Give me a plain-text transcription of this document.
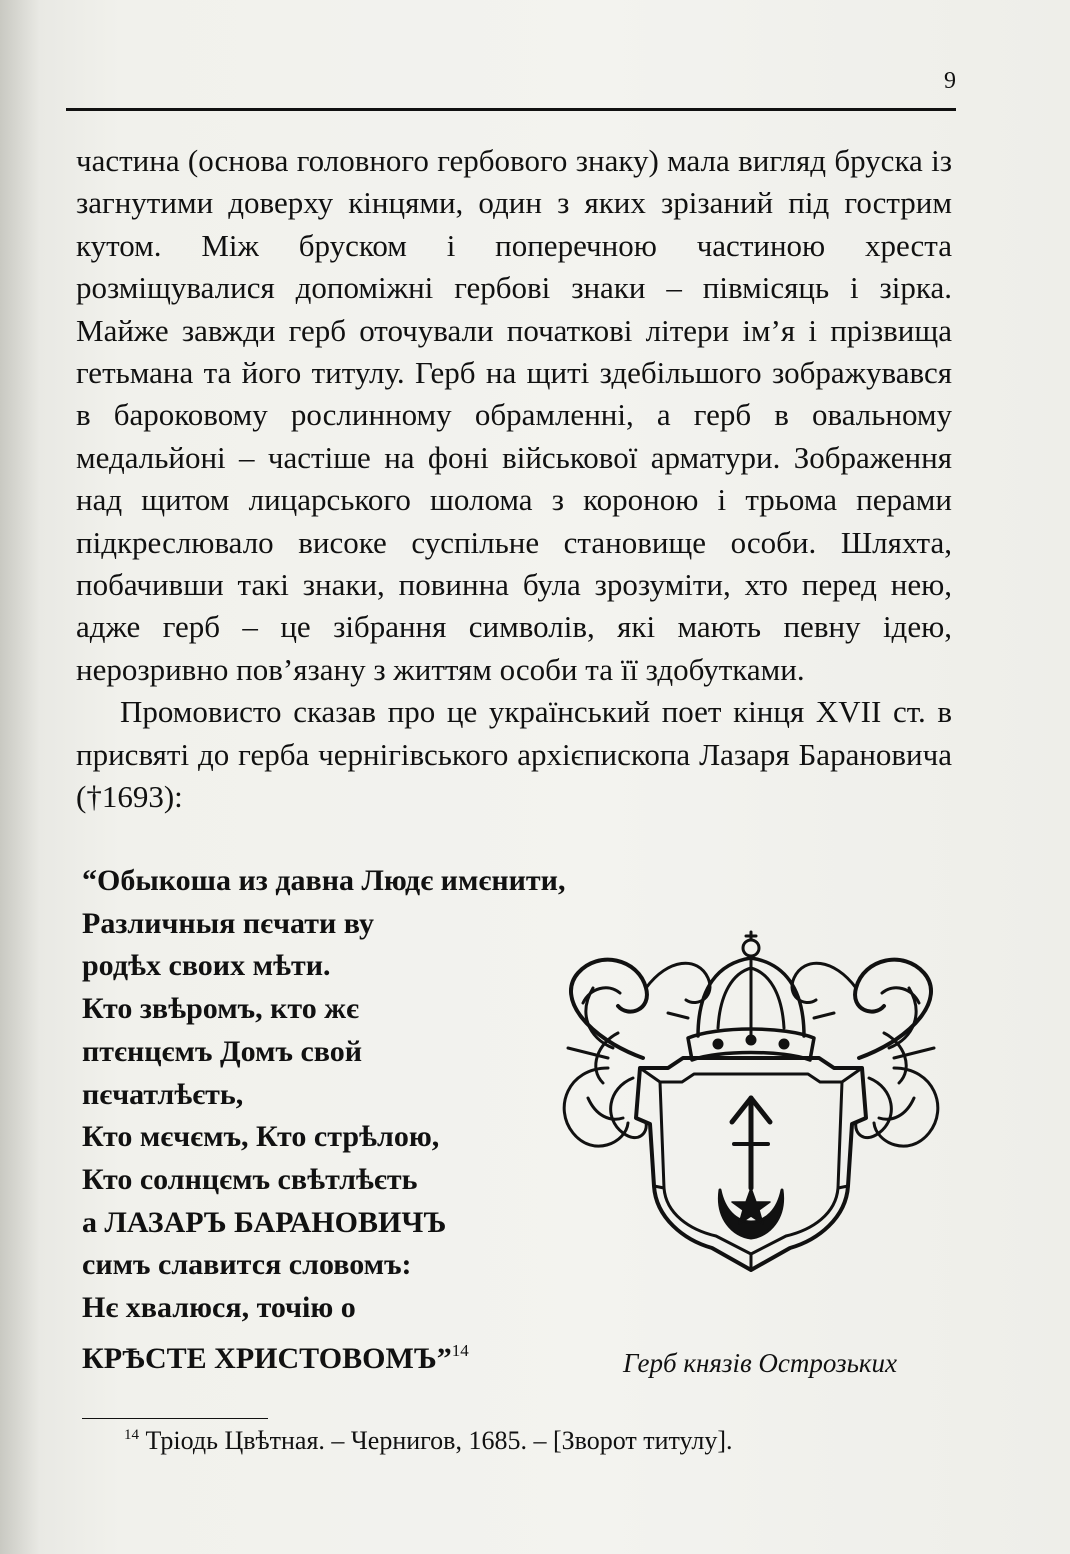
9

частина (основа головного гербового знаку) мала вигляд бруска із загнутими доверху кінцями, один з яких зрізаний під гострим кутом. Між бруском і поперечною частиною хреста розміщувалися допоміжні гербові знаки – півмісяць і зірка. Майже завжди герб оточували початкові літери ім’я і прізвища гетьмана та його титулу. Герб на щиті здебільшого зображувався в бароковому рослинному обрамленні, а герб в овальному медальйоні – частіше на фоні військової арматури. Зображення над щитом лицарського шолома з короною і трьома перами підкреслювало високе суспільне становище особи. Шляхта, побачивши такі знаки, повинна була зрозуміти, хто перед нею, адже герб – це зібрання символів, які мають певну ідею, нерозривно пов’язану з життям особи та її здобутками.

Промовисто сказав про це український поет кінця XVII ст. в присвяті до герба чернігівського архієпископа Лазаря Барановича (†1693):

“Обыкоша из давна Людє имєнити,
Различныя пєчати ву
родѣх своих мѣти.
Кто звѣромъ, кто жє
птєнцємъ Домъ свой
пєчатлѣєть,
Кто мєчємъ, Кто стрѣлою,
Кто солнцємъ свѣтлѣєть
а ЛАЗАРЪ БАРАНОВИЧЪ
симъ славится словомъ:
Нє хвалюся, точію о
КРѢСТЕ ХРИСТОВОМЪ”$^{14}$	Герб князів Острозьких
$^{14}$ Тріодь Цвѣтная. – Чернигов, 1685. – [Зворот титулу].
